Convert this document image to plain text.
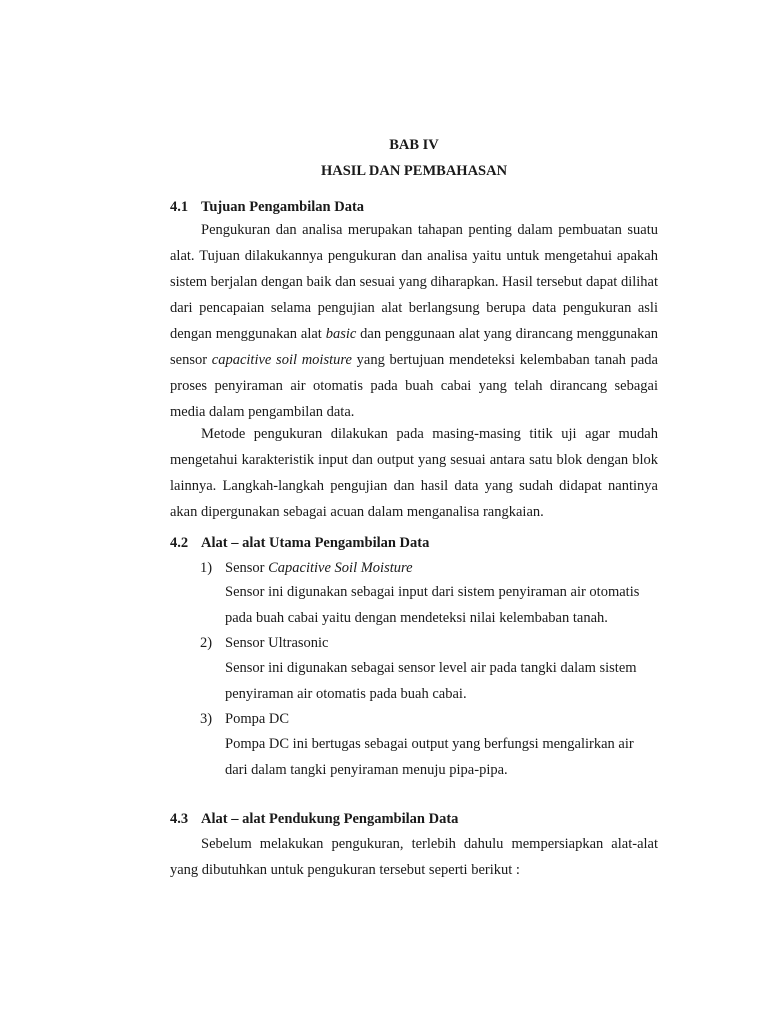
BAB IV
HASIL DAN PEMBAHASAN
4.1 Tujuan Pengambilan Data

Pengukuran dan analisa merupakan tahapan penting dalam pembuatan suatu alat. Tujuan dilakukannya pengukuran dan analisa yaitu untuk mengetahui apakah sistem berjalan dengan baik dan sesuai yang diharapkan. Hasil tersebut dapat dilihat dari pencapaian selama pengujian alat berlangsung berupa data pengukuran asli dengan menggunakan alat basic dan penggunaan alat yang dirancang menggunakan sensor capacitive soil moisture yang bertujuan mendeteksi kelembaban tanah pada proses penyiraman air otomatis pada buah cabai yang telah dirancang sebagai media dalam pengambilan data.

Metode pengukuran dilakukan pada masing-masing titik uji agar mudah mengetahui karakteristik input dan output yang sesuai antara satu blok dengan blok lainnya. Langkah-langkah pengujian dan hasil data yang sudah didapat nantinya akan dipergunakan sebagai acuan dalam menganalisa rangkaian.

4.2 Alat – alat Utama Pengambilan Data
1) Sensor Capacitive Soil Moisture

Sensor ini digunakan sebagai input dari sistem penyiraman air otomatis
pada buah cabai yaitu dengan mendeteksi nilai kelembaban tanah.

2) Sensor Ultrasonic

Sensor ini digunakan sebagai sensor level air pada tangki dalam sistem
penyiraman air otomatis pada buah cabai.

3) Pompa DC

Pompa DC ini bertugas sebagai output yang berfungsi mengalirkan air
dari dalam tangki penyiraman menuju pipa-pipa.

4.3 Alat – alat Pendukung Pengambilan Data

Sebelum melakukan pengukuran, terlebih dahulu mempersiapkan alat-alat yang dibutuhkan untuk pengukuran tersebut seperti berikut :
